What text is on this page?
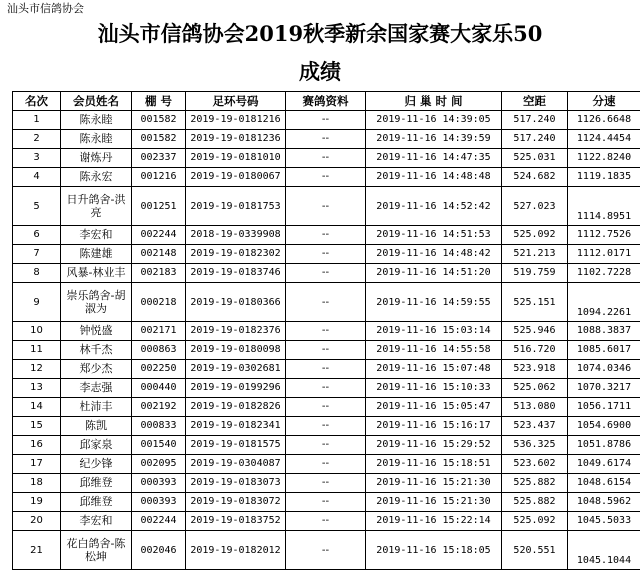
汕头市信鸽协会
汕头市信鸽协会2019秋季新余国家赛大家乐50
成绩
名次	会员姓名	棚 号	足环号码	赛鸽资料	归 巢 时 间	空距	分速
1	陈永睦	001582	2019-19-0181216	--	2019-11-16 14:39:05	517.240	1126.6648
2	陈永睦	001582	2019-19-0181236	--	2019-11-16 14:39:59	517.240	1124.4454
3	谢炼丹	002337	2019-19-0181010	--	2019-11-16 14:47:35	525.031	1122.8240
4	陈永宏	001216	2019-19-0180067	--	2019-11-16 14:48:48	524.682	1119.1835
5	日升鸽舍-洪亮	001251	2019-19-0181753	--	2019-11-16 14:52:42	527.023	1114.8951
6	李宏和	002244	2018-19-0339908	--	2019-11-16 14:51:53	525.092	1112.7526
7	陈建雄	002148	2019-19-0182302	--	2019-11-16 14:48:42	521.213	1112.0171
8	风暴-林业丰	002183	2019-19-0183746	--	2019-11-16 14:51:20	519.759	1102.7228
9	崇乐鸽舍-胡淑为	000218	2019-19-0180366	--	2019-11-16 14:59:55	525.151	1094.2261
10	钟悦盛	002171	2019-19-0182376	--	2019-11-16 15:03:14	525.946	1088.3837
11	林千杰	000863	2019-19-0180098	--	2019-11-16 14:55:58	516.720	1085.6017
12	郑少杰	002250	2019-19-0302681	--	2019-11-16 15:07:48	523.918	1074.0346
13	李志强	000440	2019-19-0199296	--	2019-11-16 15:10:33	525.062	1070.3217
14	杜沛丰	002192	2019-19-0182826	--	2019-11-16 15:05:47	513.080	1056.1711
15	陈凯	000833	2019-19-0182341	--	2019-11-16 15:16:17	523.437	1054.6900
16	邱家泉	001540	2019-19-0181575	--	2019-11-16 15:29:52	536.325	1051.8786
17	纪少锋	002095	2019-19-0304087	--	2019-11-16 15:18:51	523.602	1049.6174
18	邱维登	000393	2019-19-0183073	--	2019-11-16 15:21:30	525.882	1048.6154
19	邱维登	000393	2019-19-0183072	--	2019-11-16 15:21:30	525.882	1048.5962
20	李宏和	002244	2019-19-0183752	--	2019-11-16 15:22:14	525.092	1045.5033
21	花白鸽舍-陈松坤	002046	2019-19-0182012	--	2019-11-16 15:18:05	520.551	1045.1044
